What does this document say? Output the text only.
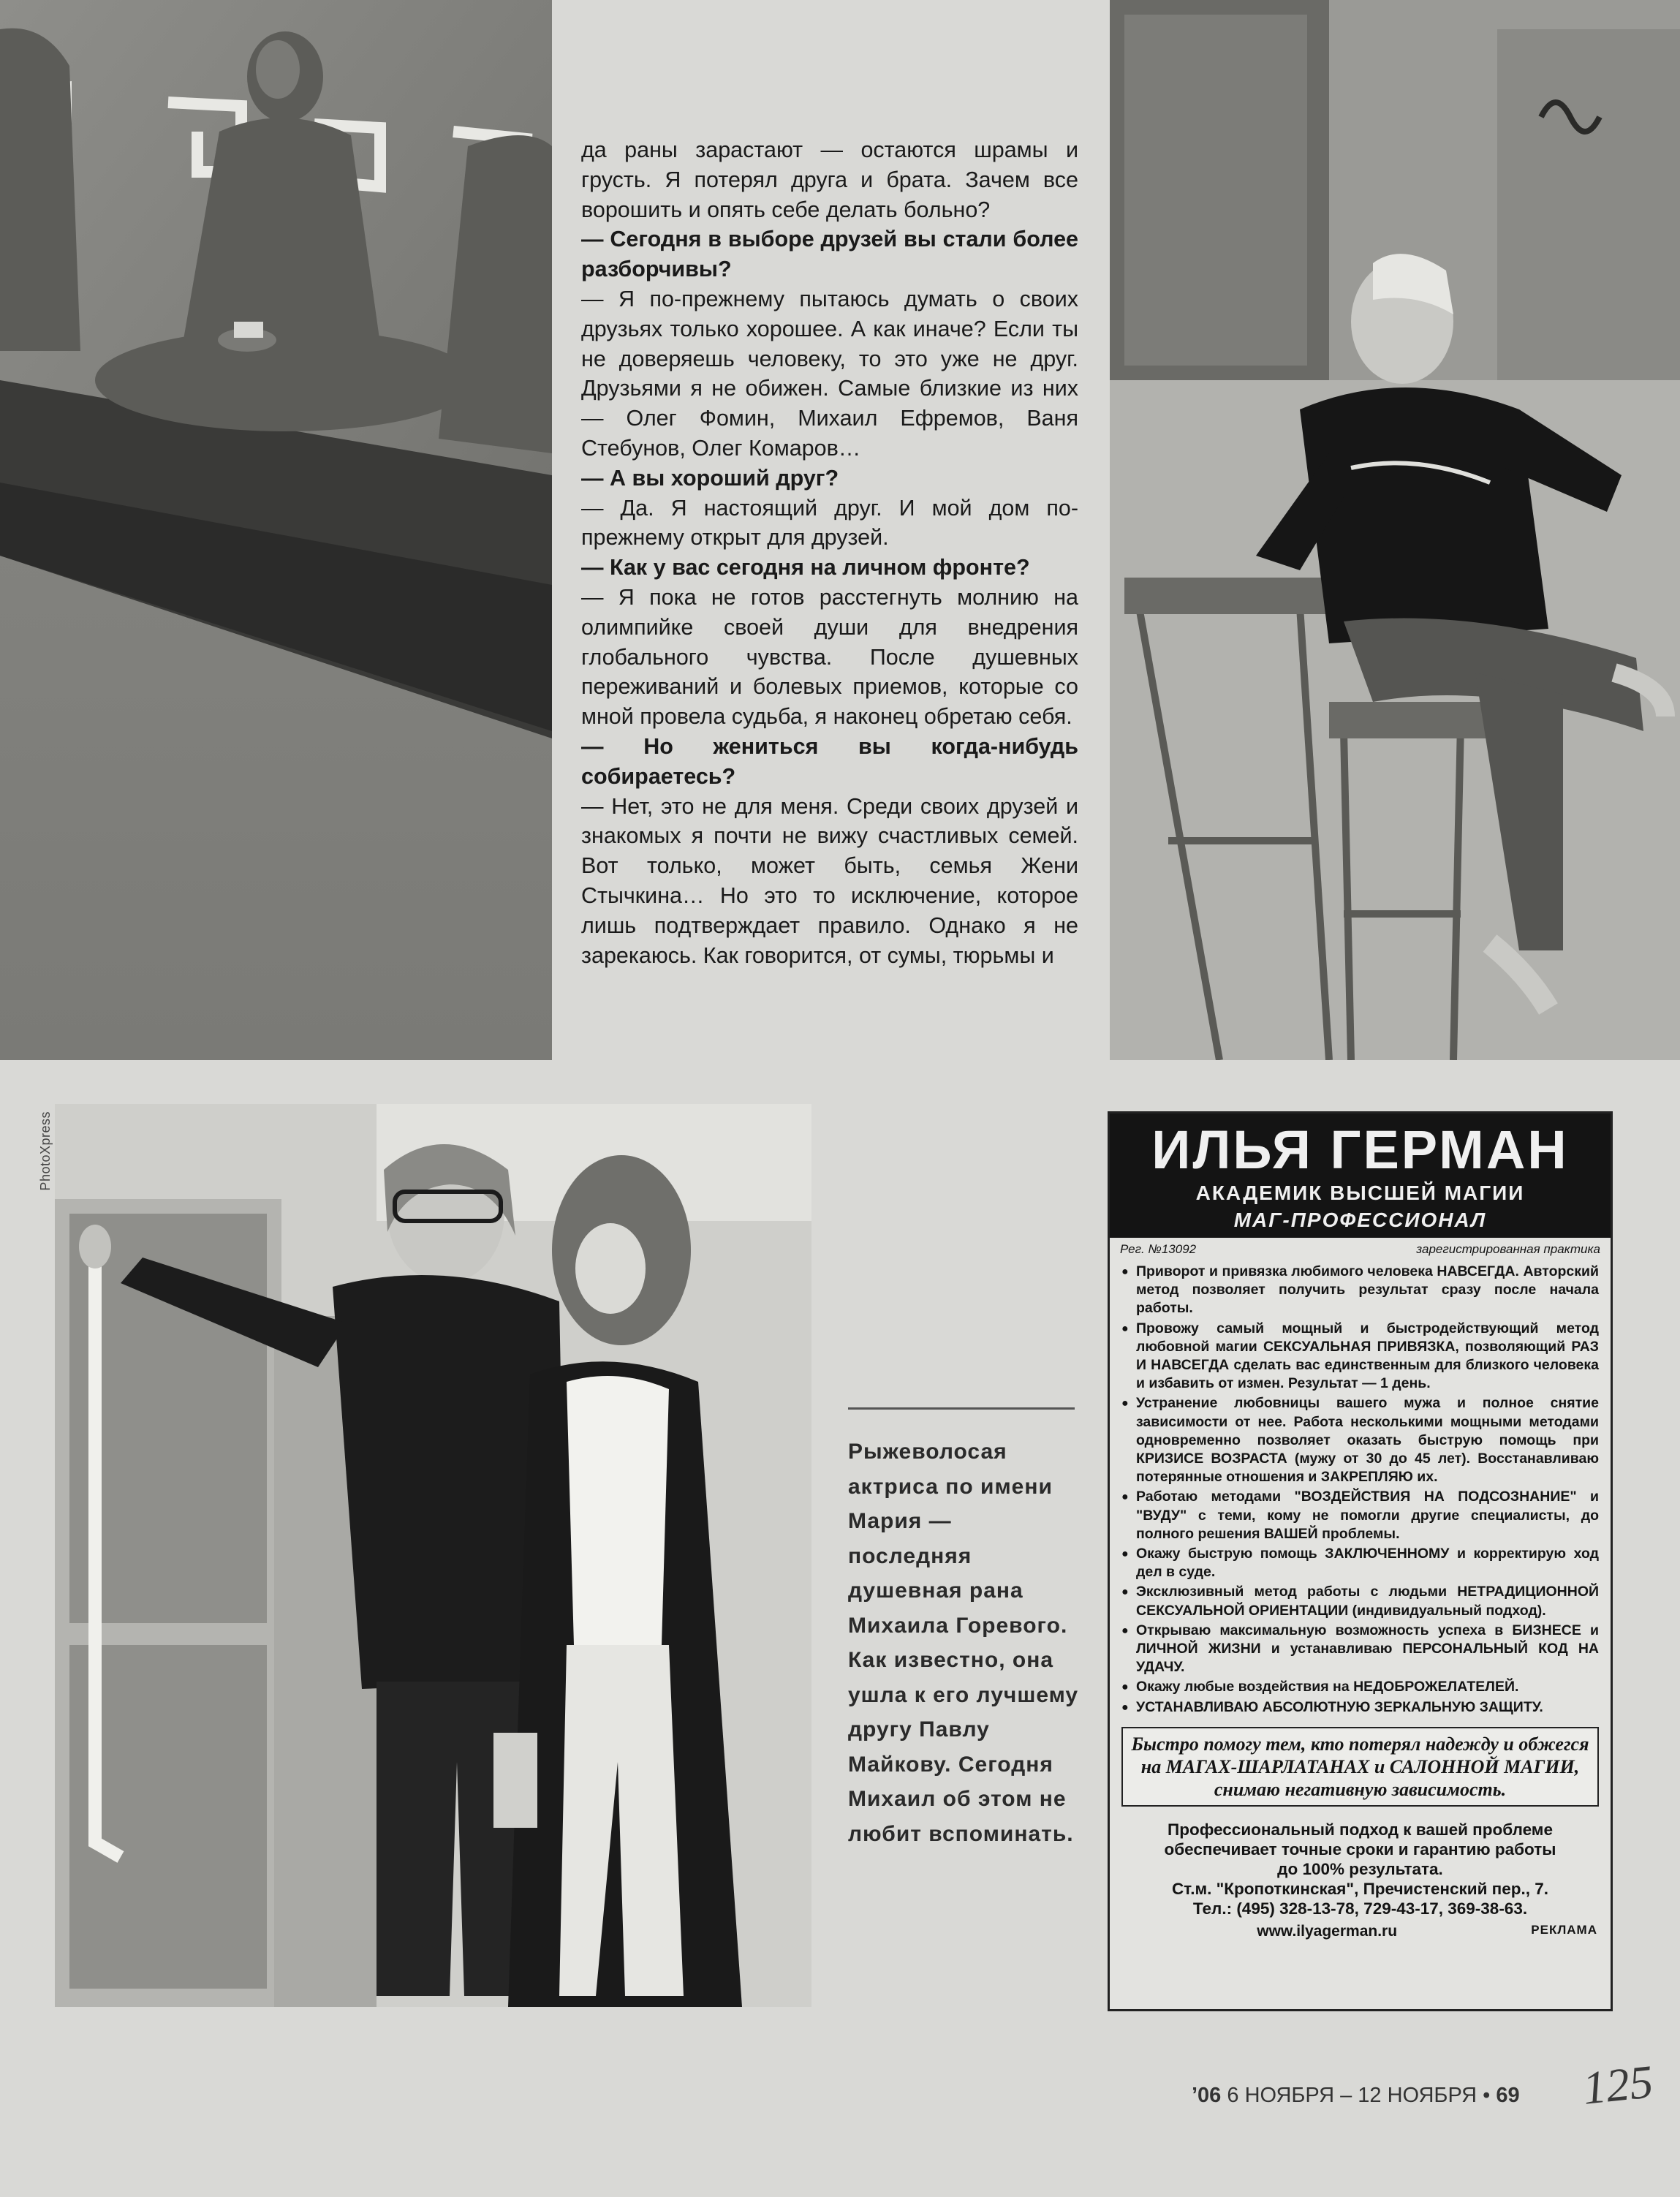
PhotoXpress

да раны зарастают — остаются шрамы и грусть. Я потерял друга и брата. Зачем все ворошить и опять себе делать больно?

— Сегодня в выборе друзей вы стали более разборчивы?

— Я по-прежнему пытаюсь думать о своих друзьях только хорошее. А как иначе? Если ты не доверяешь человеку, то это уже не друг. Друзьями я не обижен. Самые близкие из них — Олег Фомин, Михаил Ефремов, Ваня Стебунов, Олег Комаров…

— А вы хороший друг?

— Да. Я настоящий друг. И мой дом по-прежнему открыт для друзей.

— Как у вас сегодня на личном фронте?

— Я пока не готов расстегнуть молнию на олимпийке своей души для внедрения глобального чувства. После душевных переживаний и болевых приемов, которые со мной провела судьба, я наконец обретаю себя.

— Но жениться вы когда-нибудь собираетесь?

— Нет, это не для меня. Среди своих друзей и знакомых я почти не вижу счастливых семей. Вот только, может быть, семья Жени Стычкина… Но это то исключение, которое лишь подтверждает правило. Однако я не зарекаюсь. Как говорится, от сумы, тюрьмы и

Рыжеволосая актриса по имени Мария — последняя душевная рана Михаила Горевого. Как известно, она ушла к его лучшему другу Павлу Майкову. Сегодня Михаил об этом не любит вспоминать.

ИЛЬЯ ГЕРМАН
АКАДЕМИК ВЫСШЕЙ МАГИИ
МАГ-ПРОФЕССИОНАЛ
Рег. №13092	зарегистрированная практика
● Приворот и привязка любимого человека НАВСЕГДА. Авторский метод позволяет получить результат сразу после начала работы.
● Провожу самый мощный и быстродействующий метод любовной магии СЕКСУАЛЬНАЯ ПРИВЯЗКА, позволяющий РАЗ И НАВСЕГДА сделать вас единственным для близкого человека и избавить от измен. Результат — 1 день.
● Устранение любовницы вашего мужа и полное снятие зависимости от нее. Работа несколькими мощными методами одновременно позволяет оказать быструю помощь при КРИЗИСЕ ВОЗРАСТА (мужу от 30 до 45 лет). Восстанавливаю потерянные отношения и ЗАКРЕПЛЯЮ их.
● Работаю методами "ВОЗДЕЙСТВИЯ НА ПОДСОЗНАНИЕ" и "ВУДУ" с теми, кому не помогли другие специалисты, до полного решения ВАШЕЙ проблемы.
● Окажу быструю помощь ЗАКЛЮЧЕННОМУ и корректирую ход дел в суде.
● Эксклюзивный метод работы с людьми НЕТРАДИЦИОННОЙ СЕКСУАЛЬНОЙ ОРИЕНТАЦИИ (индивидуальный подход).
● Открываю максимальную возможность успеха в БИЗНЕСЕ и ЛИЧНОЙ ЖИЗНИ и устанавливаю ПЕРСОНАЛЬНЫЙ КОД НА УДАЧУ.
● Окажу любые воздействия на НЕДОБРОЖЕЛАТЕЛЕЙ.
● УСТАНАВЛИВАЮ АБСОЛЮТНУЮ ЗЕРКАЛЬНУЮ ЗАЩИТУ.
Быстро помогу тем, кто потерял надежду и обжегся на МАГАХ-ШАРЛАТАНАХ и САЛОННОЙ МАГИИ, снимаю негативную зависимость.
Профессиональный подход к вашей проблеме
обеспечивает точные сроки и гарантию работы
до 100% результата.
Ст.м. "Кропоткинская", Пречистенский пер., 7.
Тел.: (495) 328-13-78, 729-43-17, 369-38-63.
www.ilyagerman.ru	РЕКЛАМА
’06 6 НОЯБРЯ – 12 НОЯБРЯ • 69 125
